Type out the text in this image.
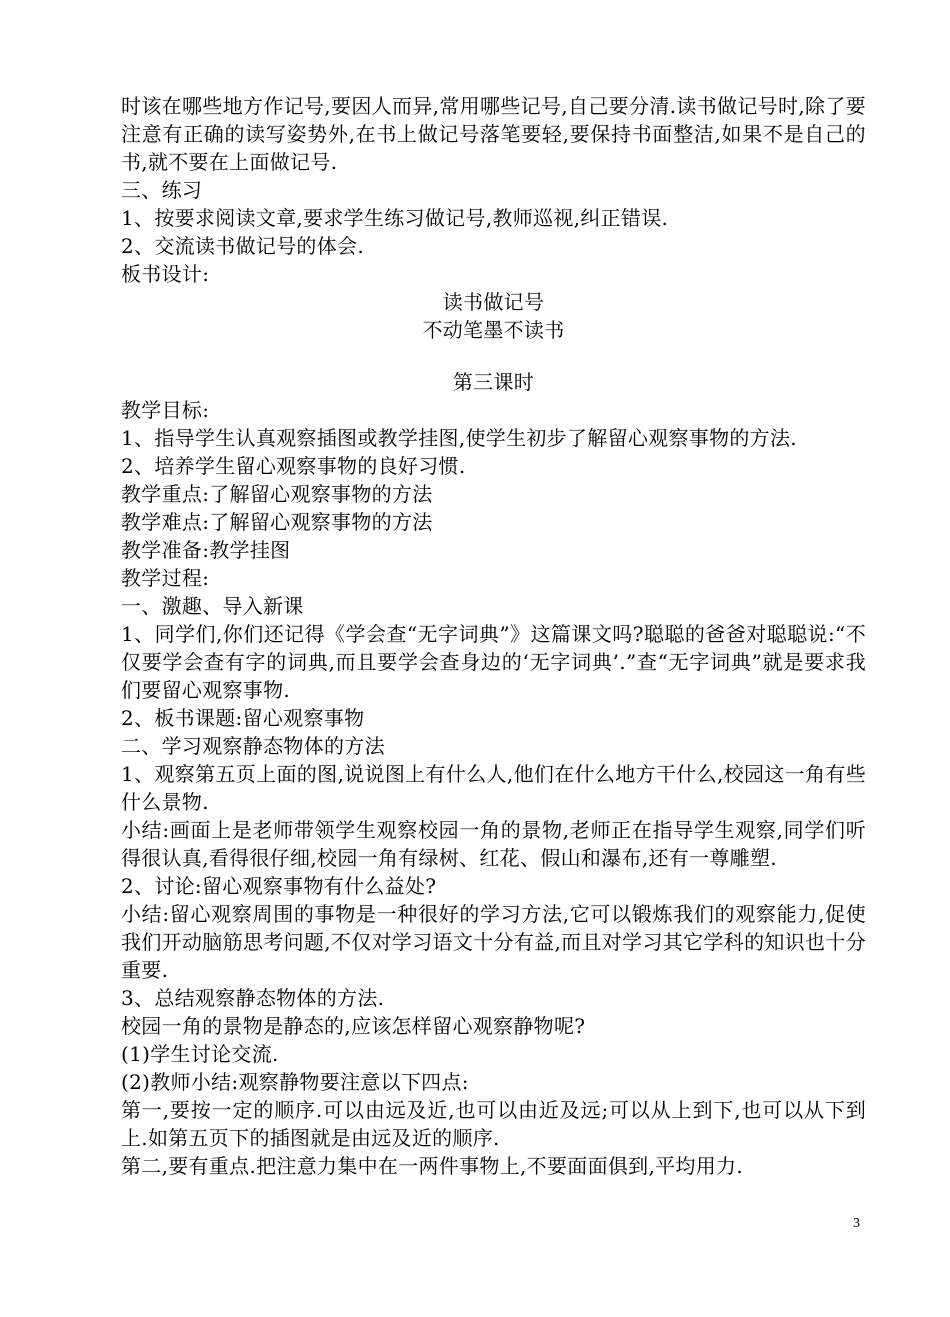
时该在哪些地方作记号,要因人而异,常用哪些记号,自己要分清.读书做记号时,除了要注意有正确的读写姿势外,在书上做记号落笔要轻,要保持书面整洁,如果不是自己的书,就不要在上面做记号.
三、练习
1、按要求阅读文章,要求学生练习做记号,教师巡视,纠正错误.
2、交流读书做记号的体会.
板书设计:
读书做记号
不动笔墨不读书
第三课时
教学目标:
1、指导学生认真观察插图或教学挂图,使学生初步了解留心观察事物的方法.
2、培养学生留心观察事物的良好习惯.
教学重点:了解留心观察事物的方法
教学难点:了解留心观察事物的方法
教学准备:教学挂图
教学过程:
一、激趣、导入新课
1、同学们,你们还记得《学会查“无字词典”》这篇课文吗?聪聪的爸爸对聪聪说:“不仅要学会查有字的词典,而且要学会查身边的‘无字词典’.”查“无字词典”就是要求我们要留心观察事物.
2、板书课题:留心观察事物
二、学习观察静态物体的方法
1、观察第五页上面的图,说说图上有什么人,他们在什么地方干什么,校园这一角有些什么景物.
小结:画面上是老师带领学生观察校园一角的景物,老师正在指导学生观察,同学们听得很认真,看得很仔细,校园一角有绿树、红花、假山和瀑布,还有一尊雕塑.
2、讨论:留心观察事物有什么益处?
小结:留心观察周围的事物是一种很好的学习方法,它可以锻炼我们的观察能力,促使我们开动脑筋思考问题,不仅对学习语文十分有益,而且对学习其它学科的知识也十分重要.
3、总结观察静态物体的方法.
校园一角的景物是静态的,应该怎样留心观察静物呢?
(1)学生讨论交流.
(2)教师小结:观察静物要注意以下四点:
第一,要按一定的顺序.可以由远及近,也可以由近及远;可以从上到下,也可以从下到上.如第五页下的插图就是由远及近的顺序.
第二,要有重点.把注意力集中在一两件事物上,不要面面俱到,平均用力.
3
